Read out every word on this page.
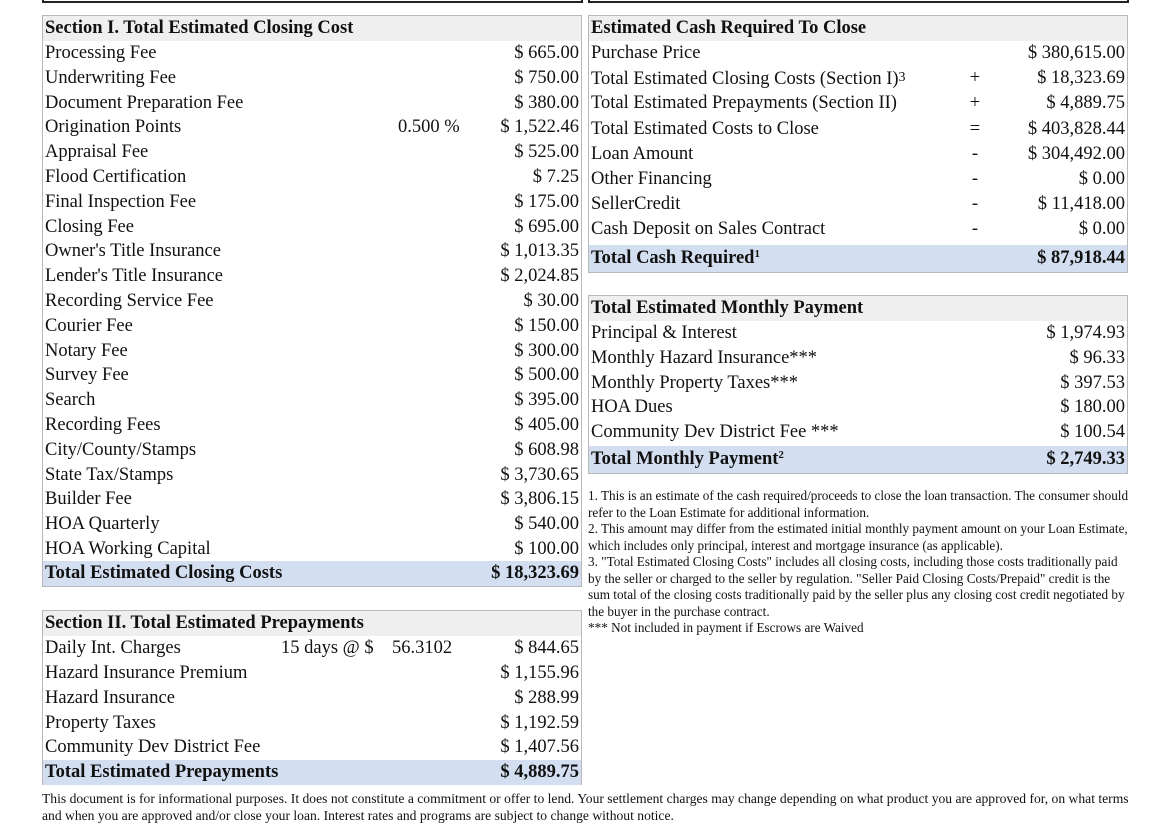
Section I. Total Estimated Closing Cost
Processing Fee	$ 665.00
Underwriting Fee	$ 750.00
Document Preparation Fee	$ 380.00
Origination Points	0.500 % $ 1,522.46
Appraisal Fee	$ 525.00
Flood Certification	$ 7.25
Final Inspection Fee	$ 175.00
Closing Fee	$ 695.00
Owner's Title Insurance	$ 1,013.35
Lender's Title Insurance	$ 2,024.85
Recording Service Fee	$ 30.00
Courier Fee	$ 150.00
Notary Fee	$ 300.00
Survey Fee	$ 500.00
Search	$ 395.00
Recording Fees	$ 405.00
City/County/Stamps	$ 608.98
State Tax/Stamps	$ 3,730.65
Builder Fee	$ 3,806.15
HOA Quarterly	$ 540.00
HOA Working Capital	$ 100.00
Total Estimated Closing Costs	$ 18,323.69
Section II. Total Estimated Prepayments
Daily Int. Charges	15 days @ $ 56.3102	$ 844.65
Hazard Insurance Premium	$ 1,155.96
Hazard Insurance	$ 288.99
Property Taxes	$ 1,192.59
Community Dev District Fee	$ 1,407.56
Total Estimated Prepayments	$ 4,889.75
Estimated Cash Required To Close
Purchase Price	$ 380,615.00
Total Estimated Closing Costs (Section I)3	+	$ 18,323.69
Total Estimated Prepayments (Section II)	+	$ 4,889.75
Total Estimated Costs to Close	=	$ 403,828.44
Loan Amount	-	$ 304,492.00
Other Financing	-	$ 0.00
SellerCredit	-	$ 11,418.00
Cash Deposit on Sales Contract	-	$ 0.00
Total Cash Required$^1$	$ 87,918.44
Total Estimated Monthly Payment
Principal & Interest	$ 1,974.93
Monthly Hazard Insurance***	$ 96.33
Monthly Property Taxes***	$ 397.53
HOA Dues	$ 180.00
Community Dev District Fee ***	$ 100.54
Total Monthly Payment$^2$	$ 2,749.33
1. This is an estimate of the cash required/proceeds to close the loan transaction. The consumer should refer to the Loan Estimate for additional information.
2. This amount may differ from the estimated initial monthly payment amount on your Loan Estimate, which includes only principal, interest and mortgage insurance (as applicable).
3. "Total Estimated Closing Costs" includes all closing costs, including those costs traditionally paid by the seller or charged to the seller by regulation. "Seller Paid Closing Costs/Prepaid" credit is the sum total of the closing costs traditionally paid by the seller plus any closing cost credit negotiated by the buyer in the purchase contract.
*** Not included in payment if Escrows are Waived
This document is for informational purposes. It does not constitute a commitment or offer to lend. Your settlement charges may change depending on what product you are approved for, on what terms and when you are approved and/or close your loan. Interest rates and programs are subject to change without notice.
